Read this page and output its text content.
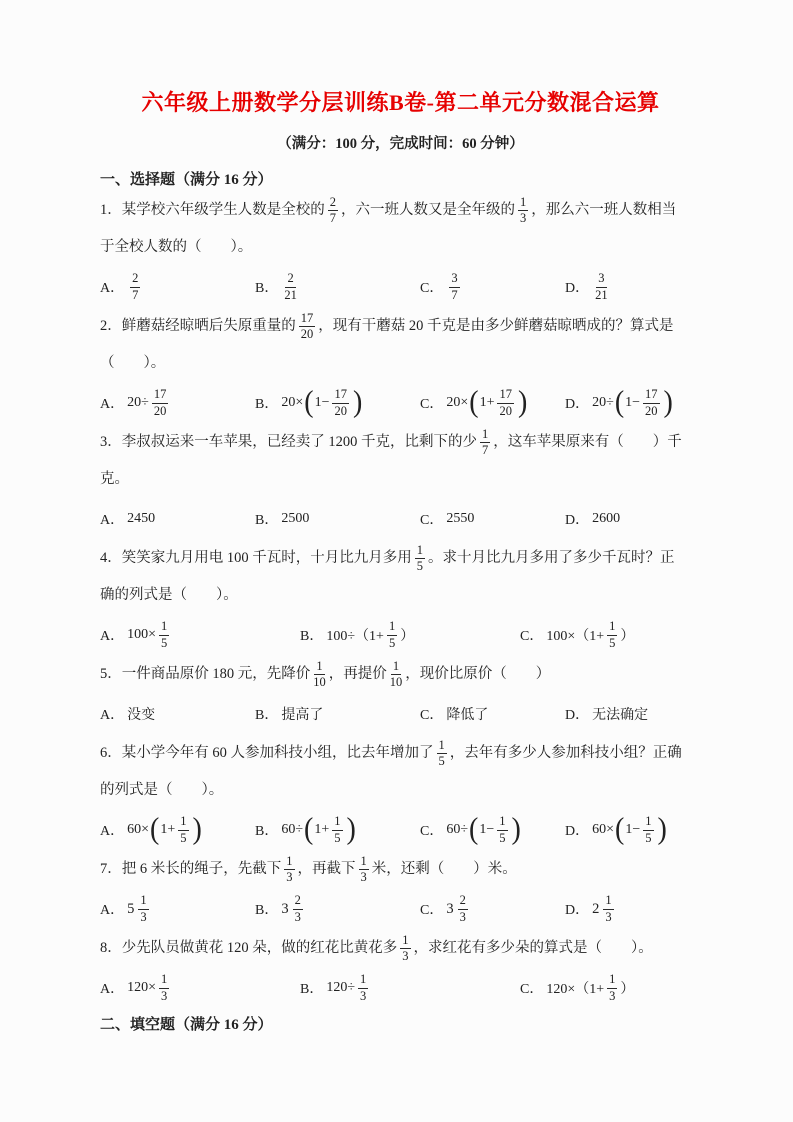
六年级上册数学分层训练B卷-第二单元分数混合运算
（满分：100 分，完成时间：60 分钟）
一、选择题（满分 16 分）
1．某学校六年级学生人数是全校的 $\frac{2}{7}$ ，六一班人数又是全年级的 $\frac{1}{3}$ ，那么六一班人数相当
于全校人数的（　　）。
A． $\frac{2}{7}$	B． $\frac{2}{21}$	C． $\frac{3}{7}$	D． $\frac{3}{21}$
2．鲜蘑菇经晾晒后失原重量的 $\frac{17}{20}$ ，现有干蘑菇 20 千克是由多少鲜蘑菇晾晒成的？算式是
（　　）。
A． $20\div \frac{17}{20}$	B． 20× ( $1- \frac{17}{20}$ )	C． 20× ( $1+ \frac{17}{20}$ )	D． 20÷ ( $1- \frac{17}{20}$ )
3．李叔叔运来一车苹果，已经卖了 1200 千克，比剩下的少 $\frac{1}{7}$ ，这车苹果原来有（　　）千
克。
A． 2450	B． 2500	C． 2550	D． 2600
4．笑笑家九月用电 100 千瓦时，十月比九月多用 $\frac{1}{5}$ 。求十月比九月多用了多少千瓦时？正
确的列式是（　　）。
A． $100\times \frac{1}{5}$	B． $100\div(1+ \frac{1}{5}$ ）	C． $100\times(1+ \frac{1}{5}$ ）
5．一件商品原价 180 元，先降价 $\frac{1}{10}$ ，再提价 $\frac{1}{10}$ ，现价比原价（　　）
A． 没变	B． 提高了	C． 降低了	D． 无法确定
6．某小学今年有 60 人参加科技小组，比去年增加了 $\frac{1}{5}$ ，去年有多少人参加科技小组？正确
的列式是（　　）。
A． 60× ( $1+ \frac{1}{5}$ )	B． 60÷ ( $1+ \frac{1}{5}$ )	C． 60÷ ( $1- \frac{1}{5}$ )	D． 60× ( $1- \frac{1}{5}$ )
7．把 6 米长的绳子，先截下 $\frac{1}{3}$ ，再截下 $\frac{1}{3}$ 米，还剩（　　）米。
A． $5 \frac{1}{3}$	B． $3 \frac{2}{3}$	C． $3 \frac{2}{3}$	D． $2 \frac{1}{3}$
8．少先队员做黄花 120 朵，做的红花比黄花多 $\frac{1}{3}$ ，求红花有多少朵的算式是（　　）。
A． $120\times \frac{1}{3}$	B． $120\div \frac{1}{3}$	C． $120\times(1+ \frac{1}{3}$ ）
二、填空题（满分 16 分）
